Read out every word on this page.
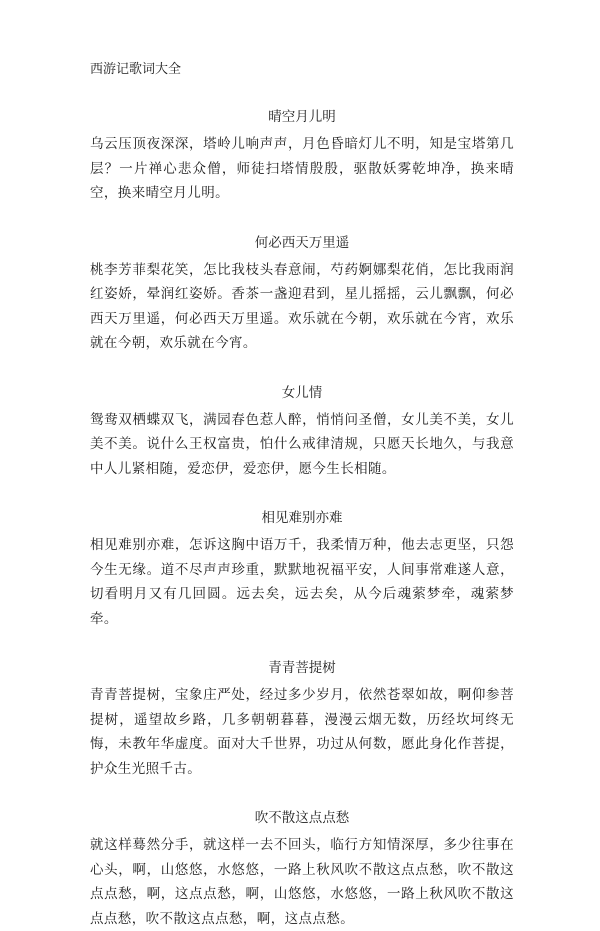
西游记歌词大全
晴空月儿明

乌云压顶夜深深，塔岭儿响声声，月色昏暗灯儿不明，知是宝塔第几层？一片禅心悲众僧，师徒扫塔情殷殷，驱散妖雾乾坤净，换来晴空，换来晴空月儿明。

何必西天万里遥

桃李芳菲梨花笑，怎比我枝头春意闹，芍药婀娜梨花俏，怎比我雨润红姿娇，晕润红姿娇。香茶一盏迎君到，星儿摇摇，云儿飘飘，何必西天万里遥，何必西天万里遥。欢乐就在今朝，欢乐就在今宵，欢乐就在今朝，欢乐就在今宵。

女儿情

鸳鸯双栖蝶双飞，满园春色惹人醉，悄悄问圣僧，女儿美不美，女儿美不美。说什么王权富贵，怕什么戒律清规，只愿天长地久，与我意中人儿紧相随，爱恋伊，爱恋伊，愿今生长相随。

相见难别亦难

相见难别亦难，怎诉这胸中语万千，我柔情万种，他去志更坚，只怨今生无缘。道不尽声声珍重，默默地祝福平安，人间事常难遂人意，切看明月又有几回圆。远去矣，远去矣，从今后魂萦梦牵，魂萦梦牵。

青青菩提树

青青菩提树，宝象庄严处，经过多少岁月，依然苍翠如故，啊仰参菩提树，遥望故乡路，几多朝朝暮暮，漫漫云烟无数，历经坎坷终无悔，未教年华虚度。面对大千世界，功过从何数，愿此身化作菩提，护众生光照千古。

吹不散这点点愁

就这样蓦然分手，就这样一去不回头，临行方知情深厚，多少往事在心头，啊，山悠悠，水悠悠，一路上秋风吹不散这点点愁，吹不散这点点愁，啊，这点点愁，啊，山悠悠，水悠悠，一路上秋风吹不散这点点愁，吹不散这点点愁，啊，这点点愁。
